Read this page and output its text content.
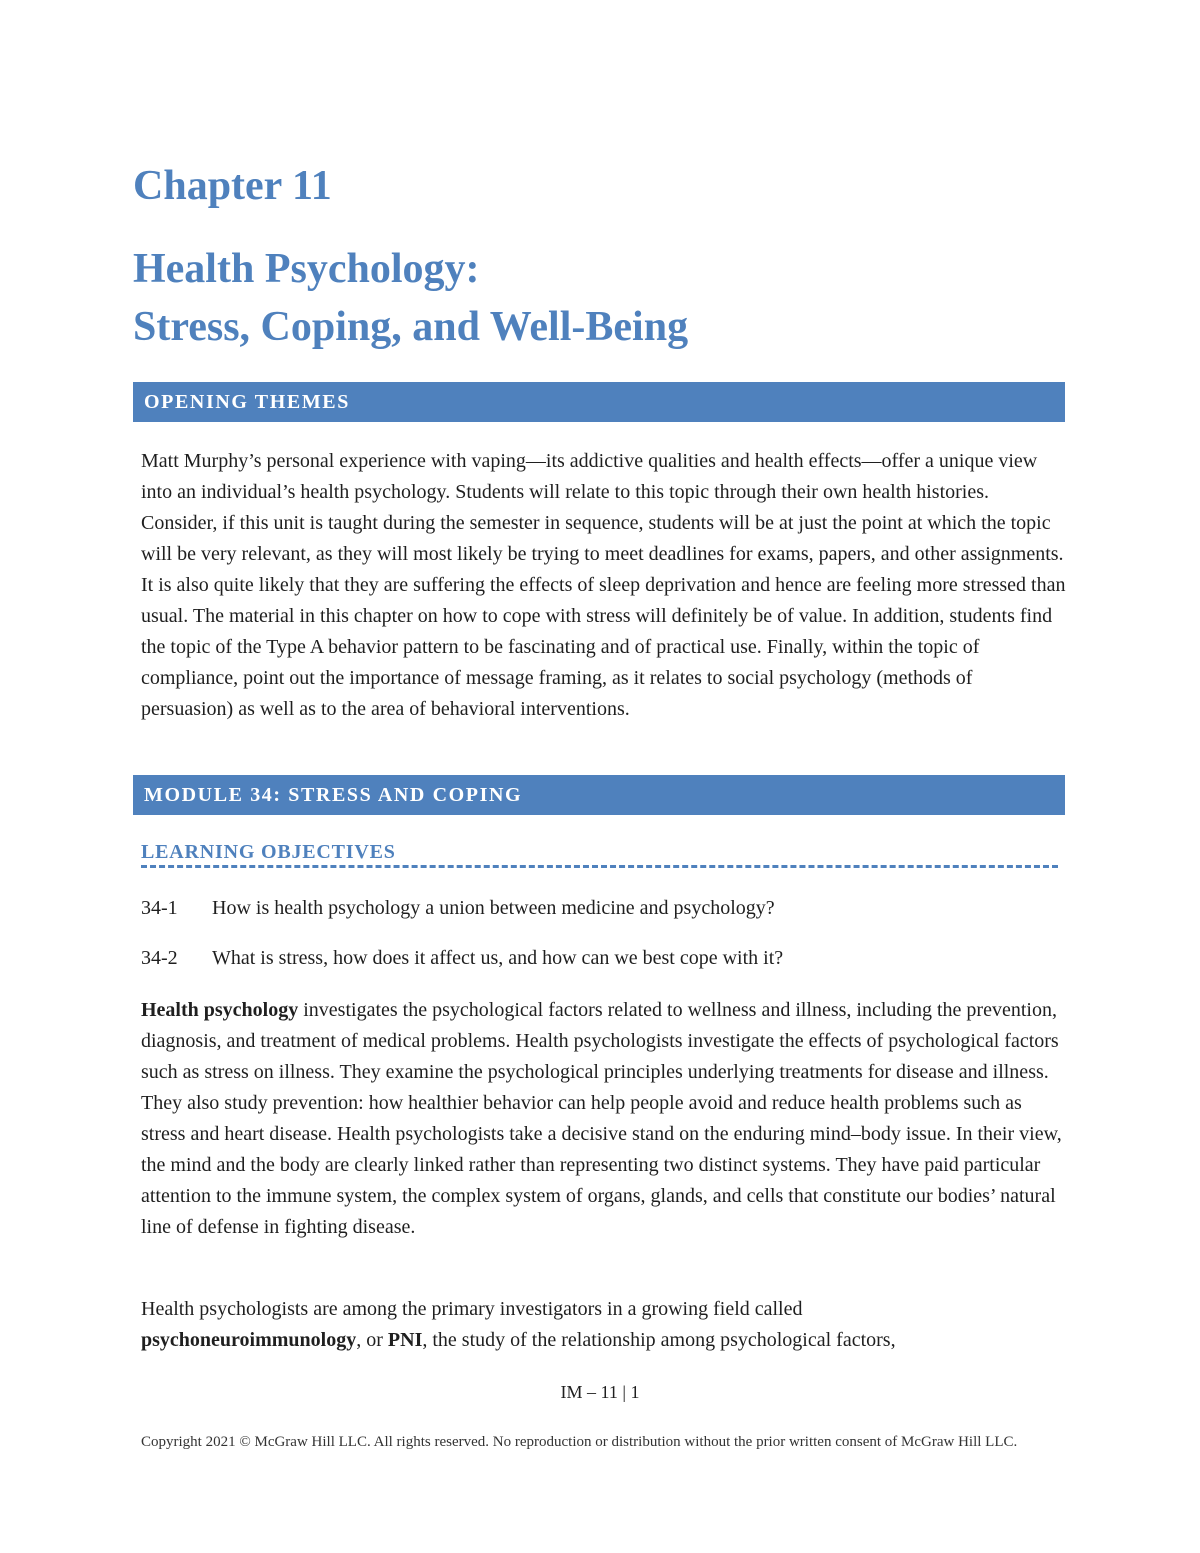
Chapter 11
Health Psychology:
Stress, Coping, and Well-Being
OPENING THEMES

Matt Murphy’s personal experience with vaping—its addictive qualities and health effects—offer a unique view into an individual’s health psychology. Students will relate to this topic through their own health histories. Consider, if this unit is taught during the semester in sequence, students will be at just the point at which the topic will be very relevant, as they will most likely be trying to meet deadlines for exams, papers, and other assignments. It is also quite likely that they are suffering the effects of sleep deprivation and hence are feeling more stressed than usual. The material in this chapter on how to cope with stress will definitely be of value. In addition, students find the topic of the Type A behavior pattern to be fascinating and of practical use. Finally, within the topic of compliance, point out the importance of message framing, as it relates to social psychology (methods of persuasion) as well as to the area of behavioral interventions.

MODULE 34: STRESS AND COPING
LEARNING OBJECTIVES

34-1 How is health psychology a union between medicine and psychology?

34-2 What is stress, how does it affect us, and how can we best cope with it?

Health psychology investigates the psychological factors related to wellness and illness, including the prevention, diagnosis, and treatment of medical problems. Health psychologists investigate the effects of psychological factors such as stress on illness. They examine the psychological principles underlying treatments for disease and illness. They also study prevention: how healthier behavior can help people avoid and reduce health problems such as stress and heart disease. Health psychologists take a decisive stand on the enduring mind–body issue. In their view, the mind and the body are clearly linked rather than representing two distinct systems. They have paid particular attention to the immune system, the complex system of organs, glands, and cells that constitute our bodies’ natural line of defense in fighting disease.

Health psychologists are among the primary investigators in a growing field called
psychoneuroimmunology, or PNI, the study of the relationship among psychological factors,

IM – 11 | 1

Copyright 2021 © McGraw Hill LLC. All rights reserved. No reproduction or distribution without the prior written consent of McGraw Hill LLC.
